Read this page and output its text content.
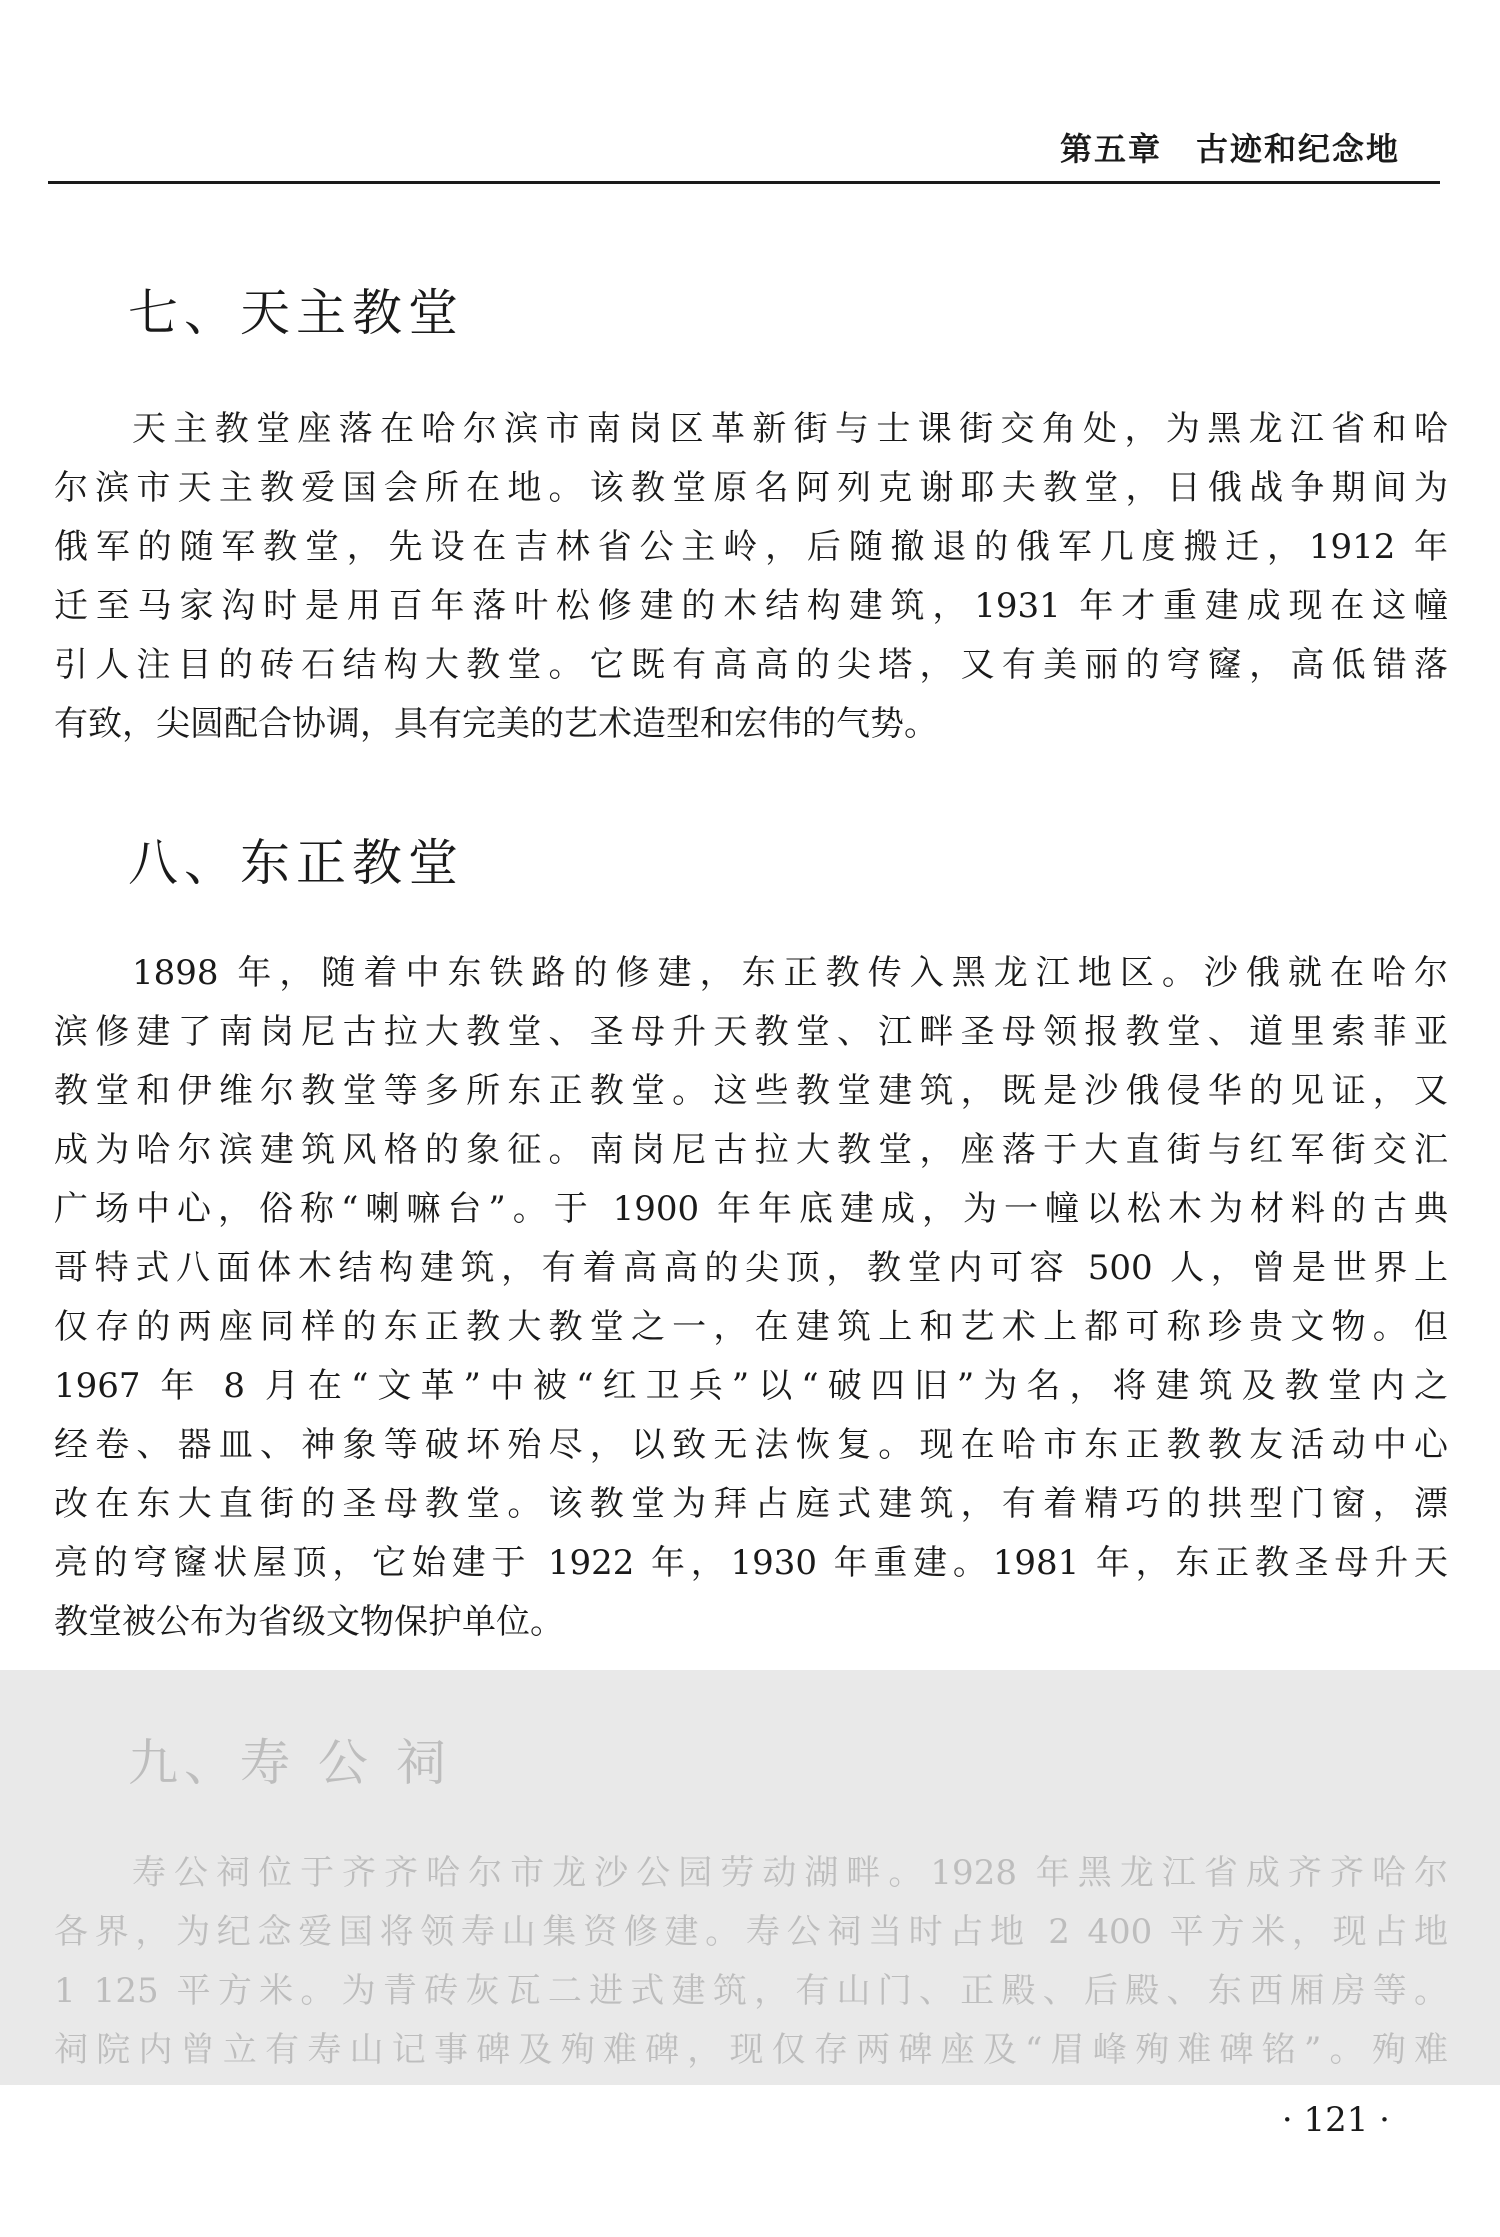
第五章　古迹和纪念地
七、天主教堂
天主教堂座落在哈尔滨市南岗区革新街与士课街交角处，为黑龙江省和哈
尔滨市天主教爱国会所在地。该教堂原名阿列克谢耶夫教堂，日俄战争期间为
俄军的随军教堂，先设在吉林省公主岭，后随撤退的俄军几度搬迁，1912 年
迁至马家沟时是用百年落叶松修建的木结构建筑，1931 年才重建成现在这幢
引人注目的砖石结构大教堂。它既有高高的尖塔，又有美丽的穹窿，高低错落
有致，尖圆配合协调，具有完美的艺术造型和宏伟的气势。
八、东正教堂
1898 年，随着中东铁路的修建，东正教传入黑龙江地区。沙俄就在哈尔
滨修建了南岗尼古拉大教堂、圣母升天教堂、江畔圣母领报教堂、道里索菲亚
教堂和伊维尔教堂等多所东正教堂。这些教堂建筑，既是沙俄侵华的见证，又
成为哈尔滨建筑风格的象征。南岗尼古拉大教堂，座落于大直街与红军街交汇
广场中心，俗称“喇嘛台”。于 1900 年年底建成，为一幢以松木为材料的古典
哥特式八面体木结构建筑，有着高高的尖顶，教堂内可容 500 人，曾是世界上
仅存的两座同样的东正教大教堂之一，在建筑上和艺术上都可称珍贵文物。但
1967 年 8 月在“文革”中被“红卫兵”以“破四旧”为名，将建筑及教堂内之
经卷、器皿、神象等破坏殆尽，以致无法恢复。现在哈市东正教教友活动中心
改在东大直街的圣母教堂。该教堂为拜占庭式建筑，有着精巧的拱型门窗，漂
亮的穹窿状屋顶，它始建于 1922 年，1930 年重建。1981 年，东正教圣母升天
教堂被公布为省级文物保护单位。
九、寿 公 祠
寿公祠位于齐齐哈尔市龙沙公园劳动湖畔。1928 年黑龙江省成齐齐哈尔
各界，为纪念爱国将领寿山集资修建。寿公祠当时占地 2 400 平方米，现占地
1 125 平方米。为青砖灰瓦二进式建筑，有山门、正殿、后殿、东西厢房等。
祠院内曾立有寿山记事碑及殉难碑，现仅存两碑座及“眉峰殉难碑铭”。殉难
· 121 ·
